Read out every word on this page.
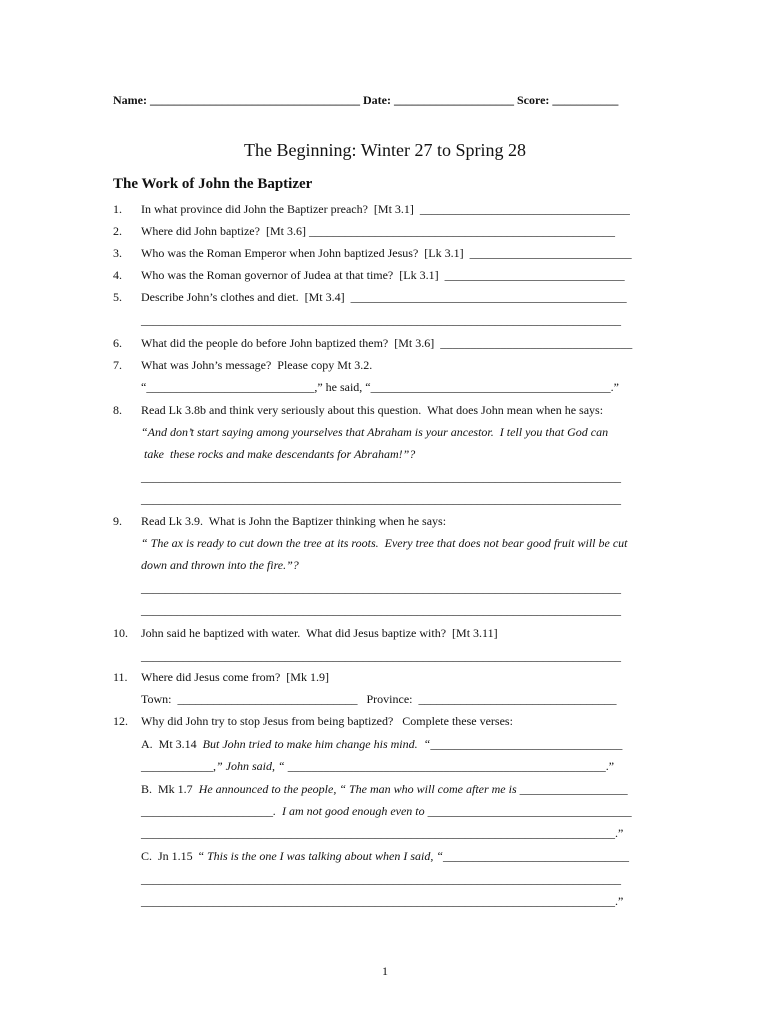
Name: ___________________________________ Date: ____________________ Score: ___________
The Beginning: Winter 27 to Spring 28
The Work of John the Baptizer
1. In what province did John the Baptizer preach?  [Mt 3.1]  ___________________________________
2. Where did John baptize?  [Mt 3.6] ___________________________________________________
3. Who was the Roman Emperor when John baptized Jesus?  [Lk 3.1]  ___________________________
4. Who was the Roman governor of Judea at that time?  [Lk 3.1]  ______________________________
5. Describe John’s clothes and diet.  [Mt 3.4]  ______________________________________________
________________________________________________________________________________
6. What did the people do before John baptized them?  [Mt 3.6]  ________________________________
7. What was John’s message?  Please copy Mt 3.2.
“____________________________,” he said, “________________________________________.”
8. Read Lk 3.8b and think very seriously about this question.  What does John mean when he says:
“And don’t start saying among yourselves that Abraham is your ancestor.  I tell you that God can
take  these rocks and make descendants for Abraham!”?
________________________________________________________________________________
________________________________________________________________________________
9. Read Lk 3.9.  What is John the Baptizer thinking when he says:
“ The ax is ready to cut down the tree at its roots.  Every tree that does not bear good fruit will be cut
down and thrown into the fire.”?
________________________________________________________________________________
________________________________________________________________________________
10. John said he baptized with water.  What did Jesus baptize with?  [Mt 3.11]
________________________________________________________________________________
11. Where did Jesus come from?  [Mk 1.9]
Town:  ______________________________   Province:  _________________________________
12. Why did John try to stop Jesus from being baptized?   Complete these verses:
A.  Mt 3.14  But John tried to make him change his mind.  “________________________________
____________,” John said, “ _____________________________________________________.”
B.  Mk 1.7  He announced to the people, “ The man who will come after me is __________________
______________________.  I am not good enough even to __________________________________
_______________________________________________________________________________.”
C.  Jn 1.15  “ This is the one I was talking about when I said, “_______________________________
________________________________________________________________________________
_______________________________________________________________________________.”
1
